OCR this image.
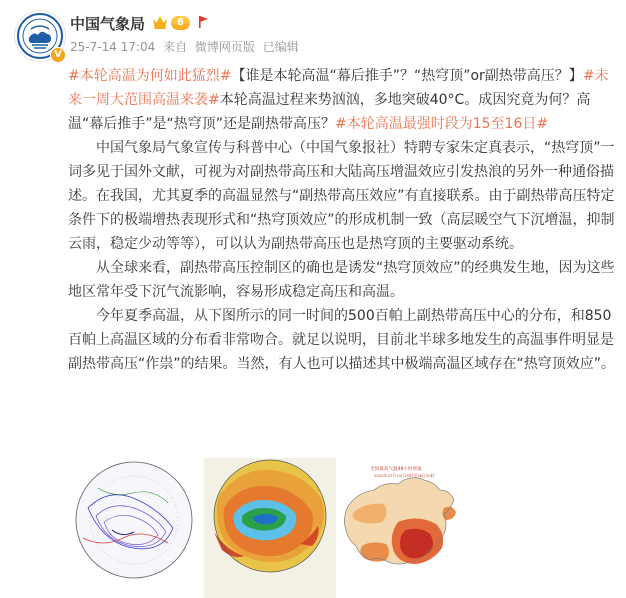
V
中国气象局	6
25-7-14 17:04 来自 微博网页版 已编辑

#本轮高温为何如此猛烈#【谁是本轮高温“幕后推手”？“热穹顶”or副热带高压？】#未来一周大范围高温来袭#本轮高温过程来势汹汹，多地突破40°C。成因究竟为何？高温“幕后推手”是“热穹顶”还是副热带高压？#本轮高温最强时段为15至16日#

中国气象局气象宣传与科普中心（中国气象报社）特聘专家朱定真表示，“热穹顶”一词多见于国外文献，可视为对副热带高压和大陆高压增温效应引发热浪的另外一种通俗描述。在我国，尤其夏季的高温显然与“副热带高压效应”有直接联系。由于副热带高压特定条件下的极端增热表现形式和“热穹顶效应”的形成机制一致（高层暖空气下沉增温，抑制云雨，稳定少动等等），可以认为副热带高压也是热穹顶的主要驱动系统。

从全球来看，副热带高压控制区的确也是诱发“热穹顶效应”的经典发生地，因为这些地区常年受下沉气流影响，容易形成稳定高压和高温。

今年夏季高温，从下图所示的同一时间的500百帕上副热带高压中心的分布，和850百帕上高温区域的分布看非常吻合。就足以说明，目前北半球多地发生的高温事件明显是副热带高压“作祟”的结果。当然，有人也可以描述其中极端高温区域存在“热穹顶效应”。

全国最高气温48小时预报
2025年07月14日20时至16日20时
